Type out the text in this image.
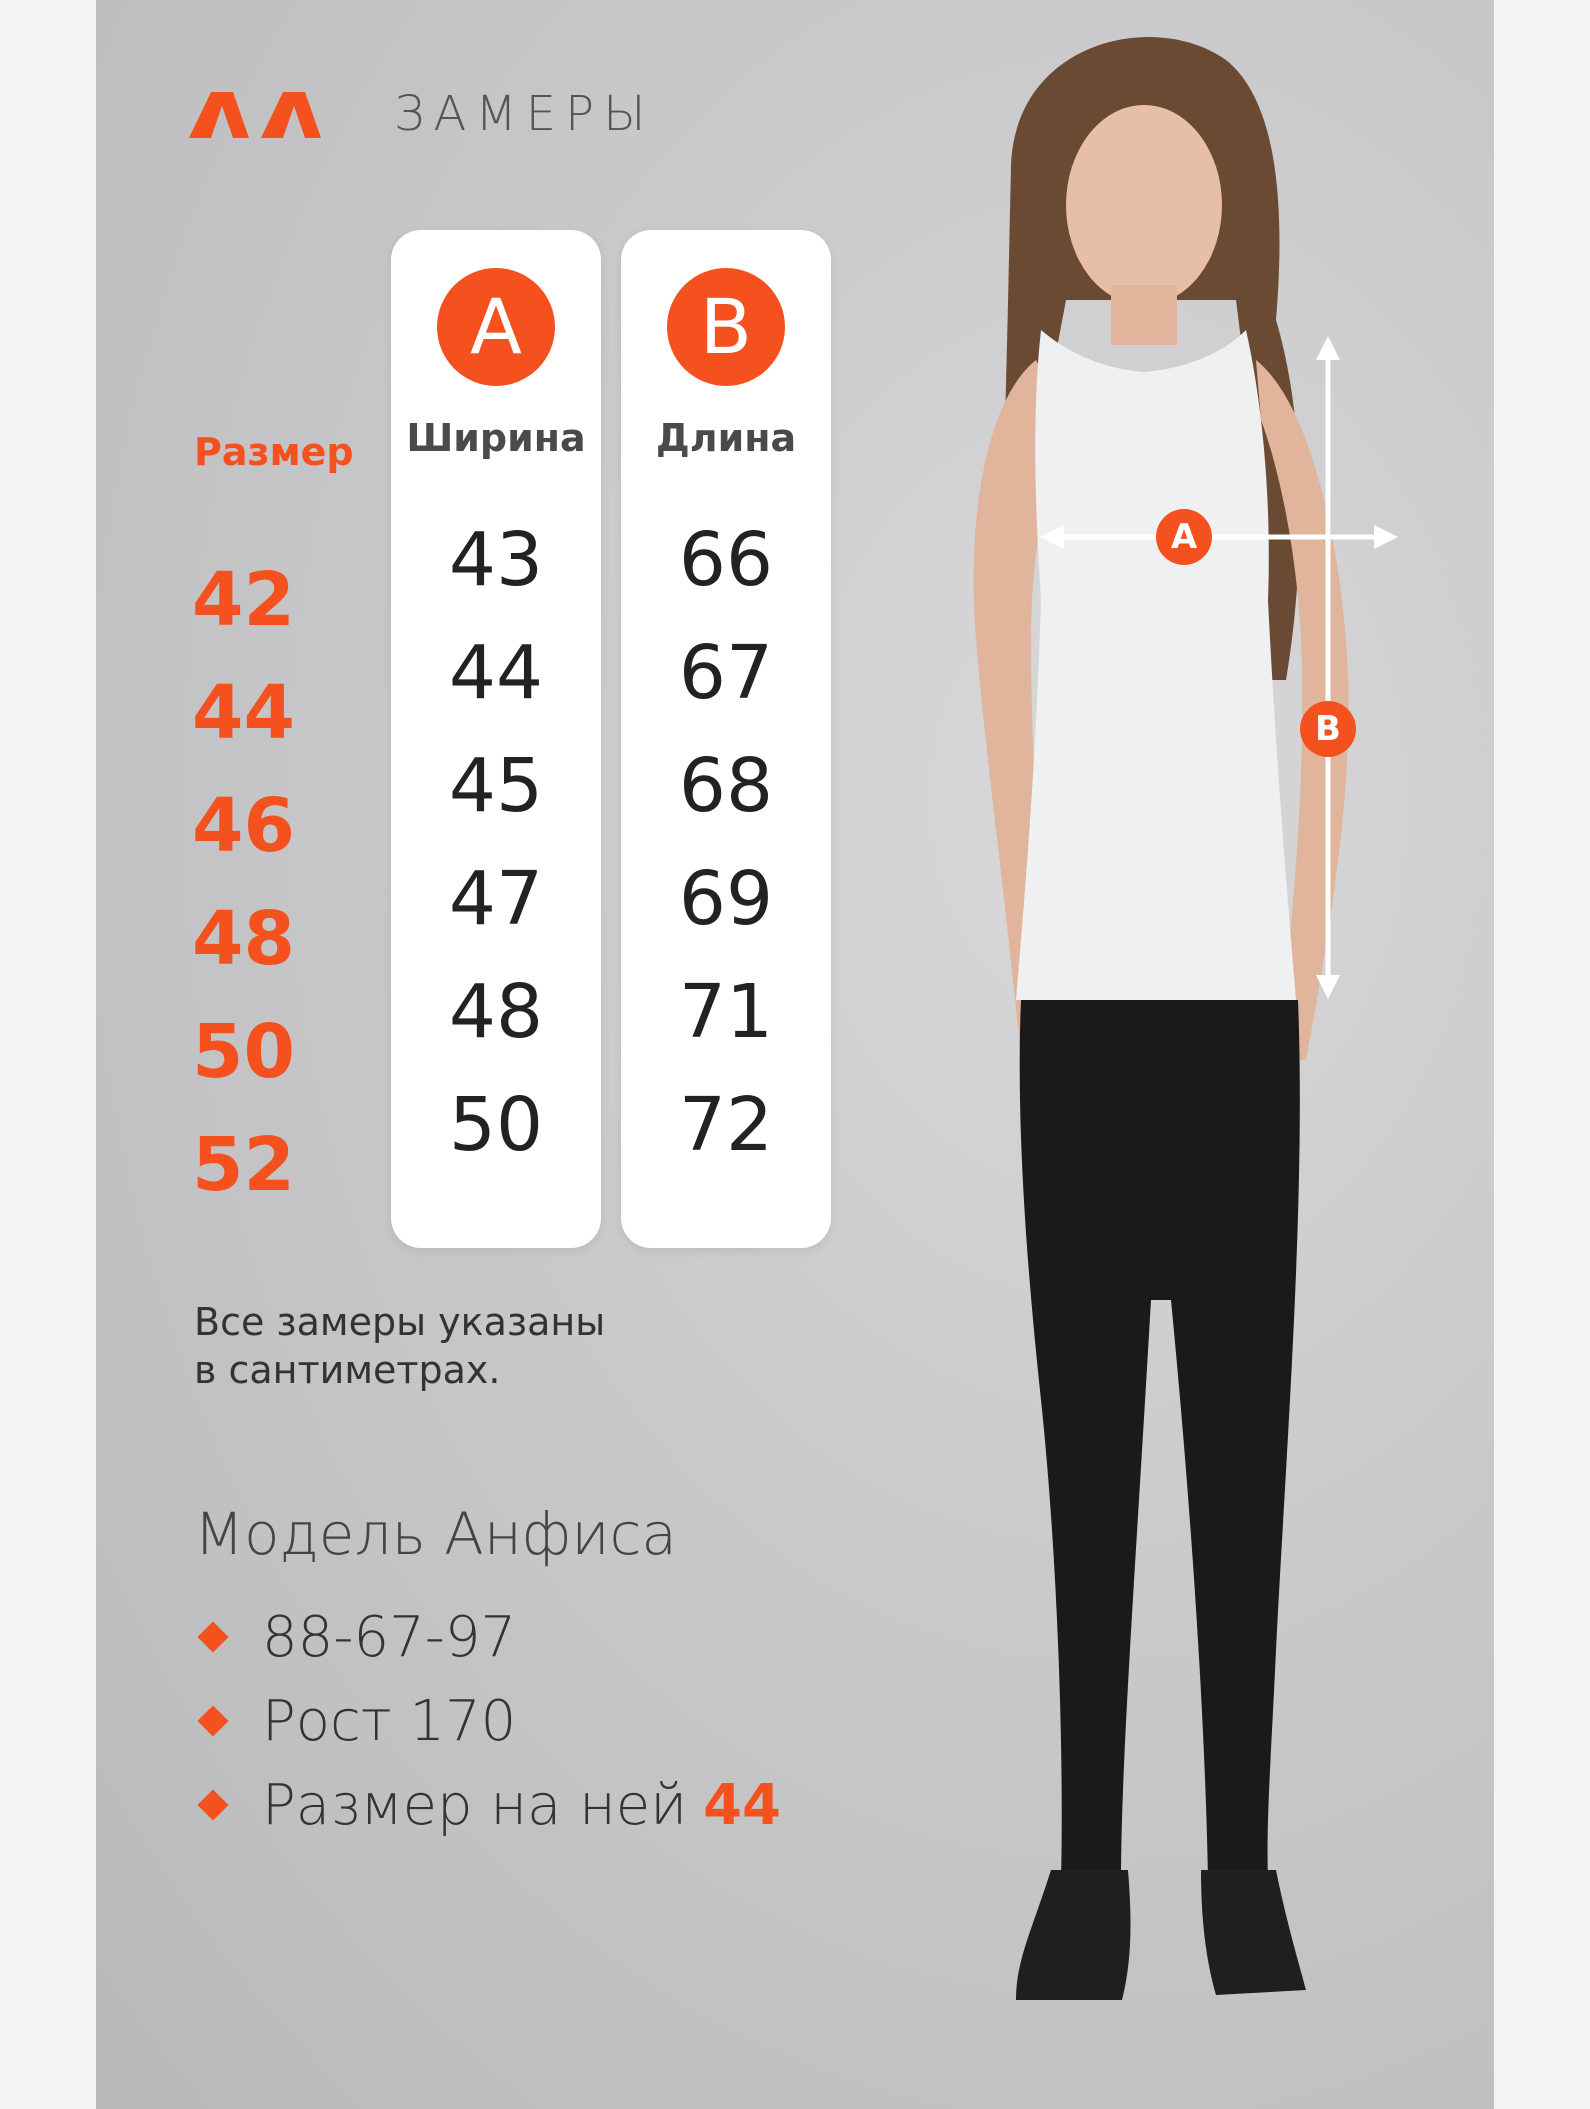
ЗАМЕРЫ
Размер
42
44
46
48
50
52
A
Ширина
43
44
45
47
48
50
B
Длина
66
67
68
69
71
72
Все замеры указаны
в сантиметрах.
Модель Анфиса
88-67-97
Рост 170
Размер на ней 44
A
B
